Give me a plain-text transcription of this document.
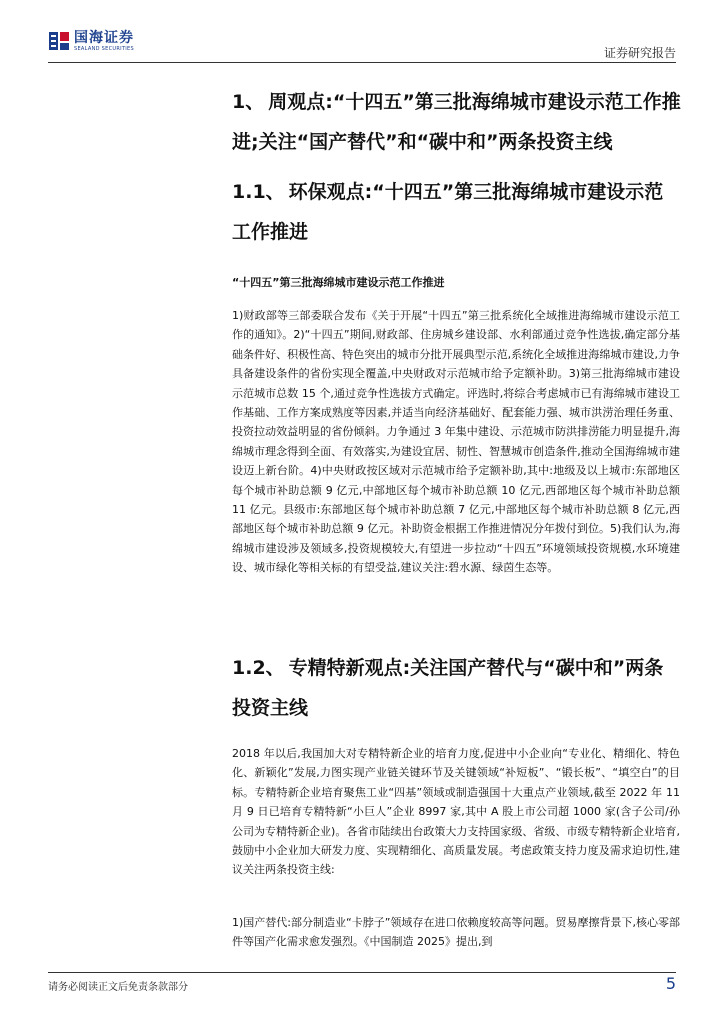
国海证券
SEALAND SECURITIES	证券研究报告
1、 周观点:“十四五”第三批海绵城市建设示范工作推进;关注“国产替代”和“碳中和”两条投资主线
1.1、 环保观点:“十四五”第三批海绵城市建设示范工作推进

“十四五”第三批海绵城市建设示范工作推进

1)财政部等三部委联合发布《关于开展“十四五”第三批系统化全域推进海绵城市建设示范工作的通知》。2)“十四五”期间,财政部、住房城乡建设部、水利部通过竞争性选拔,确定部分基础条件好、积极性高、特色突出的城市分批开展典型示范,系统化全域推进海绵城市建设,力争具备建设条件的省份实现全覆盖,中央财政对示范城市给予定额补助。3)第三批海绵城市建设示范城市总数 15 个,通过竞争性选拔方式确定。评选时,将综合考虑城市已有海绵城市建设工作基础、工作方案成熟度等因素,并适当向经济基础好、配套能力强、城市洪涝治理任务重、投资拉动效益明显的省份倾斜。力争通过 3 年集中建设、示范城市防洪排涝能力明显提升,海绵城市理念得到全面、有效落实,为建设宜居、韧性、智慧城市创造条件,推动全国海绵城市建设迈上新台阶。4)中央财政按区域对示范城市给予定额补助,其中:地级及以上城市:东部地区每个城市补助总额 9 亿元,中部地区每个城市补助总额 10 亿元,西部地区每个城市补助总额 11 亿元。县级市:东部地区每个城市补助总额 7 亿元,中部地区每个城市补助总额 8 亿元,西部地区每个城市补助总额 9 亿元。补助资金根据工作推进情况分年拨付到位。5)我们认为,海绵城市建设涉及领域多,投资规模较大,有望进一步拉动“十四五”环境领域投资规模,水环境建设、城市绿化等相关标的有望受益,建议关注:碧水源、绿茵生态等。

1.2、 专精特新观点:关注国产替代与“碳中和”两条投资主线

2018 年以后,我国加大对专精特新企业的培育力度,促进中小企业向“专业化、精细化、特色化、新颖化”发展,力图实现产业链关键环节及关键领域“补短板”、“锻长板”、“填空白”的目标。专精特新企业培育聚焦工业“四基”领域或制造强国十大重点产业领域,截至 2022 年 11 月 9 日已培育专精特新“小巨人”企业 8997 家,其中 A 股上市公司超 1000 家(含子公司/孙公司为专精特新企业)。各省市陆续出台政策大力支持国家级、省级、市级专精特新企业培育,鼓励中小企业加大研发力度、实现精细化、高质量发展。考虑政策支持力度及需求迫切性,建议关注两条投资主线:

1)国产替代:部分制造业“卡脖子”领域存在进口依赖度较高等问题。贸易摩擦背景下,核心零部件等国产化需求愈发强烈。《中国制造 2025》提出,到

请务必阅读正文后免责条款部分	5
